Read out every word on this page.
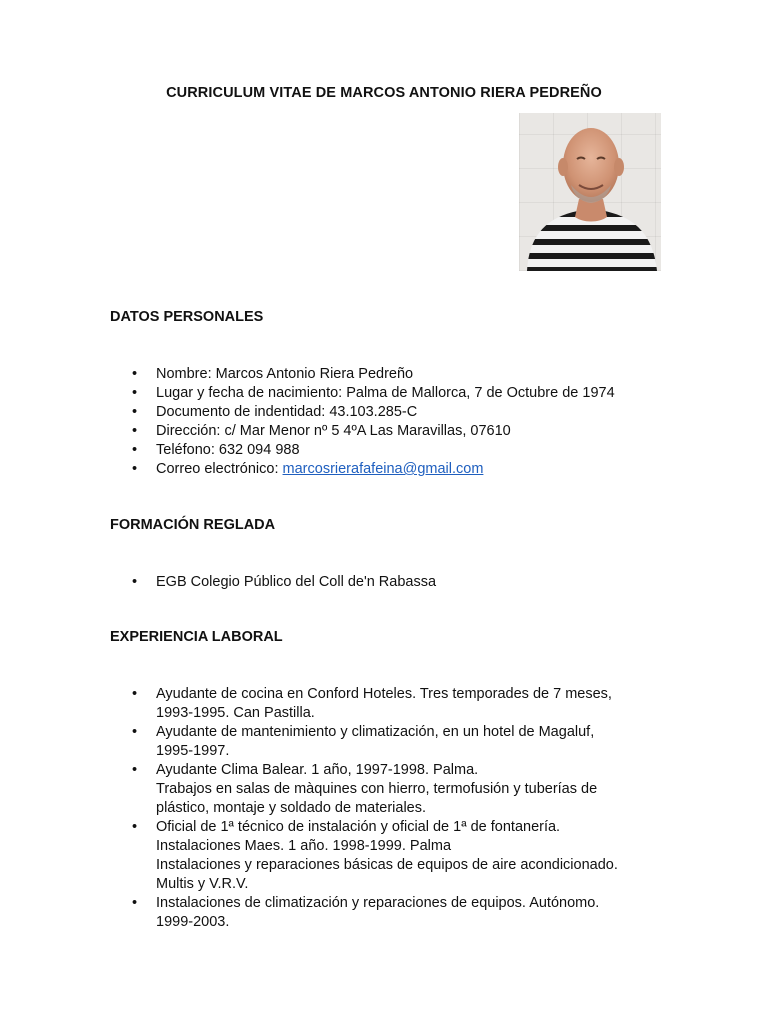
CURRICULUM VITAE DE MARCOS ANTONIO RIERA PEDREÑO
DATOS PERSONALES
• Nombre: Marcos Antonio Riera Pedreño
• Lugar y fecha de nacimiento: Palma de Mallorca, 7 de Octubre de 1974
• Documento de indentidad: 43.103.285-C
• Dirección: c/ Mar Menor nº 5 4ºA Las Maravillas, 07610
• Teléfono: 632 094 988
• Correo electrónico: marcosrierafafeina@gmail.com
FORMACIÓN REGLADA
• EGB Colegio Público del Coll de'n Rabassa
EXPERIENCIA LABORAL
• Ayudante de cocina en Conford Hoteles. Tres temporades de 7 meses,
1993-1995. Can Pastilla.
• Ayudante de mantenimiento y climatización, en un hotel de Magaluf,
1995-1997.
• Ayudante Clima Balear. 1 año, 1997-1998. Palma.
Trabajos en salas de màquines con hierro, termofusión y tuberías de
plástico, montaje y soldado de materiales.
• Oficial de 1ª técnico de instalación y oficial de 1ª de fontanería.
Instalaciones Maes. 1 año. 1998-1999. Palma
Instalaciones y reparaciones básicas de equipos de aire acondicionado.
Multis y V.R.V.
• Instalaciones de climatización y reparaciones de equipos. Autónomo.
1999-2003.
